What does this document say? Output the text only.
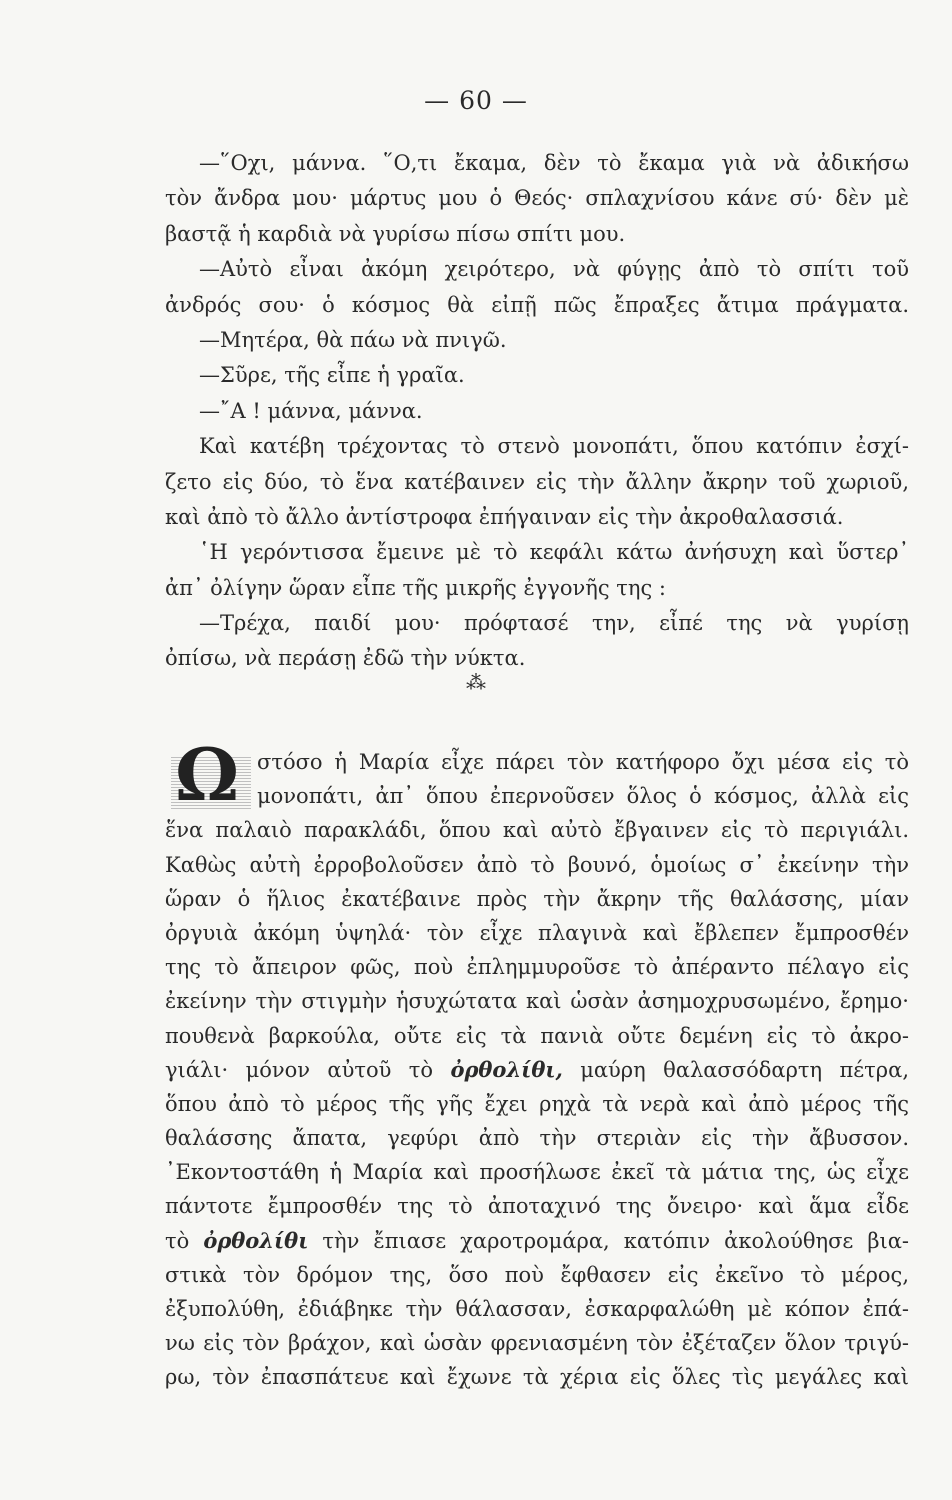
— 60 —
—῞Οχι, μάννα. ῞Ο,τι ἔκαμα, δὲν τὸ ἔκαμα γιὰ νὰ ἀδικήσω
τὸν ἄνδρα μου· μάρτυς μου ὁ Θεός· σπλαχνίσου κάνε σύ· δὲν μὲ
βαστᾷ ἡ καρδιὰ νὰ γυρίσω πίσω σπίτι μου.
—Αὐτὸ εἶναι ἀκόμη χειρότερο, νὰ φύγῃς ἀπὸ τὸ σπίτι τοῦ
ἀνδρός σου· ὁ κόσμος θὰ εἰπῇ πῶς ἔπραξες ἄτιμα πράγματα.
—Μητέρα, θὰ πάω νὰ πνιγῶ.
—Σῦρε, τῆς εἶπε ἡ γραῖα.
—῎Α ! μάννα, μάννα.
Καὶ κατέβη τρέχοντας τὸ στενὸ μονοπάτι, ὅπου κατόπιν ἐσχί-
ζετο εἰς δύο, τὸ ἕνα κατέβαινεν εἰς τὴν ἄλλην ἄκρην τοῦ χωριοῦ,
καὶ ἀπὸ τὸ ἄλλο ἀντίστροφα ἐπήγαιναν εἰς τὴν ἀκροθαλασσιά.
῾Η γερόντισσα ἔμεινε μὲ τὸ κεφάλι κάτω ἀνήσυχη καὶ ὕστερ᾿
ἀπ᾿ ὀλίγην ὥραν εἶπε τῆς μικρῆς ἐγγονῆς της :
—Τρέχα, παιδί μου· πρόφτασέ την, εἶπέ της νὰ γυρίσῃ
ὀπίσω, νὰ περάσῃ ἐδῶ τὴν νύκτα.
⁂
Ω στόσο ἡ Μαρία εἶχε πάρει τὸν κατήφορο ὄχι μέσα εἰς τὸ
μονοπάτι, ἀπ᾿ ὅπου ἐπερνοῦσεν ὅλος ὁ κόσμος, ἀλλὰ εἰς
ἕνα παλαιὸ παρακλάδι, ὅπου καὶ αὐτὸ ἔβγαινεν εἰς τὸ περιγιάλι.
Καθὼς αὐτὴ ἐρροβολοῦσεν ἀπὸ τὸ βουνό, ὁμοίως σ᾿ ἐκείνην τὴν
ὥραν ὁ ἥλιος ἐκατέβαινε πρὸς τὴν ἄκρην τῆς θαλάσσης, μίαν
ὀργυιὰ ἀκόμη ὑψηλά· τὸν εἶχε πλαγινὰ καὶ ἔβλεπεν ἔμπροσθέν
της τὸ ἄπειρον φῶς, ποὺ ἐπλημμυροῦσε τὸ ἀπέραντο πέλαγο εἰς
ἐκείνην τὴν στιγμὴν ἡσυχώτατα καὶ ὡσὰν ἀσημοχρυσωμένο, ἔρημο·
πουθενὰ βαρκούλα, οὔτε εἰς τὰ πανιὰ οὔτε δεμένη εἰς τὸ ἀκρο-
γιάλι· μόνον αὐτοῦ τὸ ὀρθολίθι, μαύρη θαλασσόδαρτη πέτρα,
ὅπου ἀπὸ τὸ μέρος τῆς γῆς ἔχει ρηχὰ τὰ νερὰ καὶ ἀπὸ μέρος τῆς
θαλάσσης ἄπατα, γεφύρι ἀπὸ τὴν στεριὰν εἰς τὴν ἄβυσσον.
᾿Εκοντοστάθη ἡ Μαρία καὶ προσήλωσε ἐκεῖ τὰ μάτια της, ὡς εἶχε
πάντοτε ἔμπροσθέν της τὸ ἀποταχινό της ὄνειρο· καὶ ἅμα εἶδε
τὸ ὀρθολίθι τὴν ἔπιασε χαροτρομάρα, κατόπιν ἀκολούθησε βια-
στικὰ τὸν δρόμον της, ὅσο ποὺ ἔφθασεν εἰς ἐκεῖνο τὸ μέρος,
ἐξυπολύθη, ἐδιάβηκε τὴν θάλασσαν, ἐσκαρφαλώθη μὲ κόπον ἐπά-
νω εἰς τὸν βράχον, καὶ ὡσὰν φρενιασμένη τὸν ἐξέταζεν ὅλον τριγύ-
ρω, τὸν ἐπασπάτευε καὶ ἔχωνε τὰ χέρια εἰς ὅλες τὶς μεγάλες καὶ
